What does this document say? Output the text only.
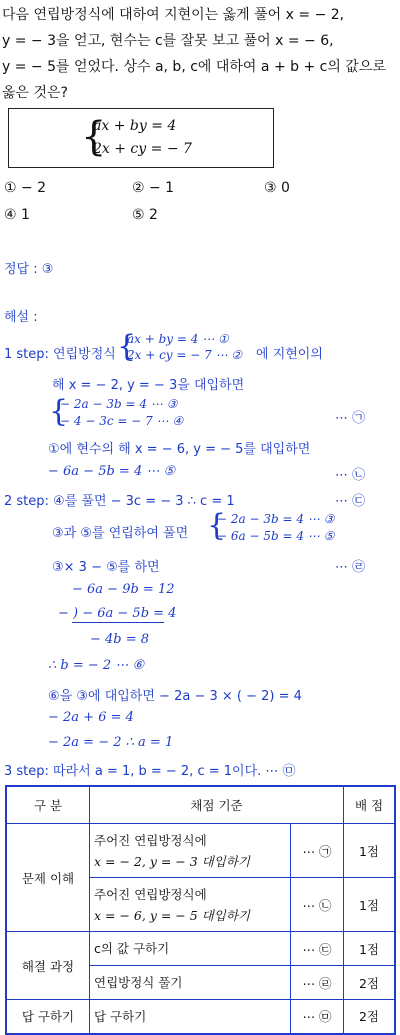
다음 연립방정식에 대하여 지현이는 옳게 풀어 x = − 2,
y = − 3을 얻고, 현수는 c를 잘못 보고 풀어 x = − 6,
y = − 5를 얻었다. 상수 a, b, c에 대하여 a + b + c의 값으로
옳은 것은?
{
ax + by = 4
2x + cy = − 7
① − 2	② − 1	③ 0
④ 1	⑤ 2
정답 : ③
해설 :
1 step: 연립방정식 {
ax + by = 4 ⋯ ①
2x + cy = − 7 ⋯ ② 에 지현이의
해 x = − 2, y = − 3을 대입하면
{
− 2a − 3b = 4 ⋯ ③
− 4 − 3c = − 7 ⋯ ④	⋯ ㉠
①에 현수의 해 x = − 6, y = − 5를 대입하면
− 6a − 5b = 4 ⋯ ⑤	⋯ ㉡
2 step: ④를 풀면 − 3c = − 3 ∴ c = 1	⋯ ㉢
③과 ⑤를 연립하여 풀면 {
− 2a − 3b = 4 ⋯ ③
− 6a − 5b = 4 ⋯ ⑤
③× 3 − ⑤를 하면	⋯ ㉣
− 6a − 9b = 12
− ) − 6a − 5b = 4
− 4b = 8
∴ b = − 2 ⋯ ⑥
⑥을 ③에 대입하면 − 2a − 3 × ( − 2) = 4
− 2a + 6 = 4
− 2a = − 2 ∴ a = 1
3 step: 따라서 a = 1, b = − 2, c = 1이다. ⋯ ㉤
구 분	채점 기준		배 점
문제 이해	주어진 연립방정식에
x = − 2, y = − 3 대입하기	⋯ ㉠	1점

	주어진 연립방정식에
x = − 6, y = − 5 대입하기	⋯ ㉡	1점
해결 과정	c의 값 구하기	⋯ ㉢	1점
	연립방정식 풀기	⋯ ㉣	2점
답 구하기	답 구하기	⋯ ㉤	2점
